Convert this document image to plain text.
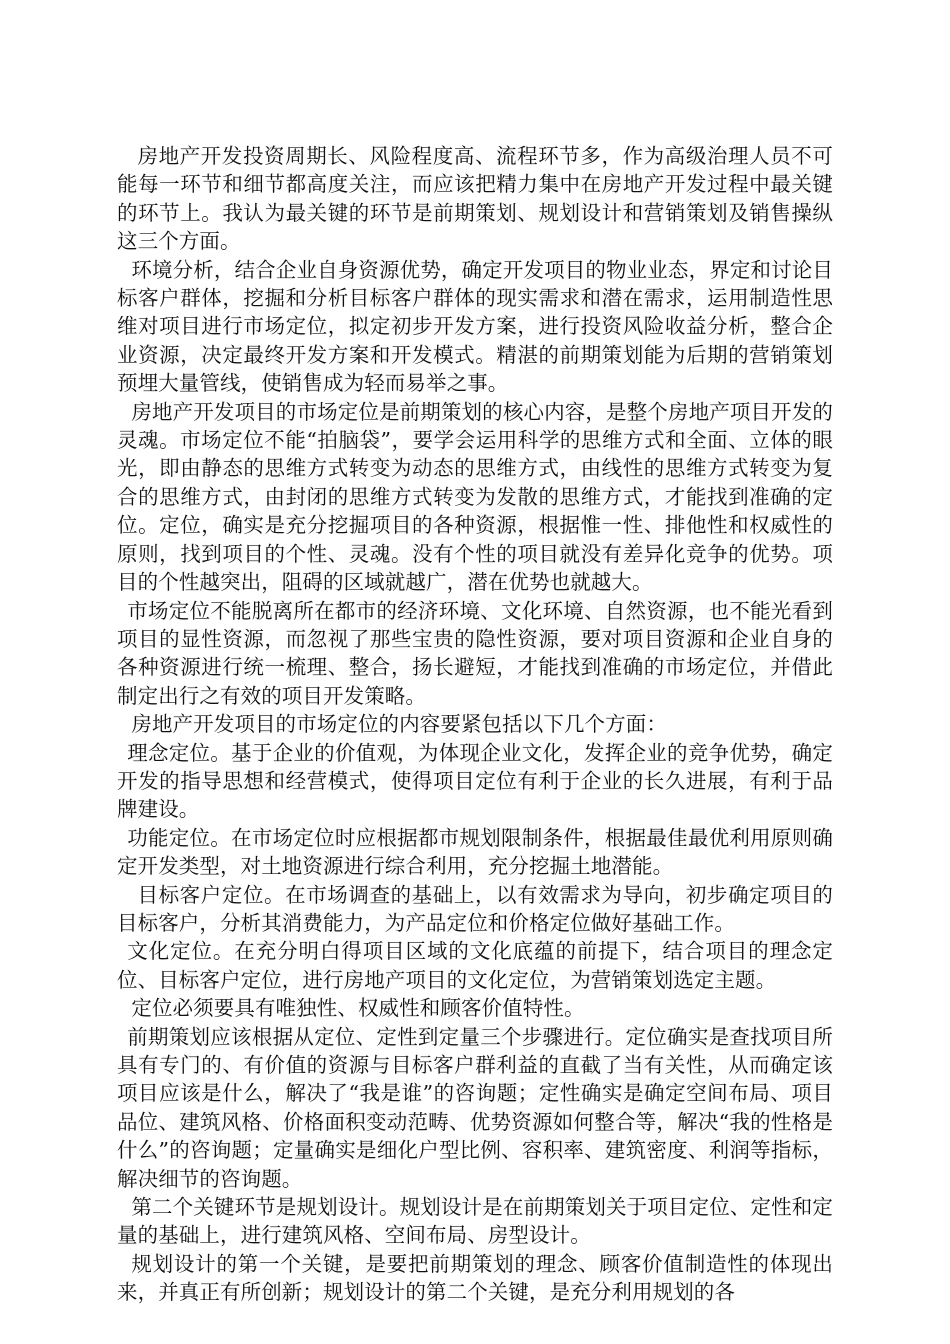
房地产开发投资周期长、风险程度高、流程环节多，作为高级治理人员不可能每一环节和细节都高度关注，而应该把精力集中在房地产开发过程中最关键的环节上。我认为最关键的环节是前期策划、规划设计和营销策划及销售操纵这三个方面。

环境分析，结合企业自身资源优势，确定开发项目的物业业态，界定和讨论目标客户群体，挖掘和分析目标客户群体的现实需求和潜在需求，运用制造性思维对项目进行市场定位，拟定初步开发方案，进行投资风险收益分析，整合企业资源，决定最终开发方案和开发模式。精湛的前期策划能为后期的营销策划预埋大量管线，使销售成为轻而易举之事。

房地产开发项目的市场定位是前期策划的核心内容，是整个房地产项目开发的灵魂。市场定位不能“拍脑袋”，要学会运用科学的思维方式和全面、立体的眼光，即由静态的思维方式转变为动态的思维方式，由线性的思维方式转变为复合的思维方式，由封闭的思维方式转变为发散的思维方式，才能找到准确的定位。定位，确实是充分挖掘项目的各种资源，根据惟一性、排他性和权威性的原则，找到项目的个性、灵魂。没有个性的项目就没有差异化竞争的优势。项目的个性越突出，阻碍的区域就越广，潜在优势也就越大。

市场定位不能脱离所在都市的经济环境、文化环境、自然资源，也不能光看到项目的显性资源，而忽视了那些宝贵的隐性资源，要对项目资源和企业自身的各种资源进行统一梳理、整合，扬长避短，才能找到准确的市场定位，并借此制定出行之有效的项目开发策略。

房地产开发项目的市场定位的内容要紧包括以下几个方面：

理念定位。基于企业的价值观，为体现企业文化，发挥企业的竞争优势，确定开发的指导思想和经营模式，使得项目定位有利于企业的长久进展，有利于品牌建设。

功能定位。在市场定位时应根据都市规划限制条件，根据最佳最优利用原则确定开发类型，对土地资源进行综合利用，充分挖掘土地潜能。

目标客户定位。在市场调查的基础上，以有效需求为导向，初步确定项目的目标客户，分析其消费能力，为产品定位和价格定位做好基础工作。

文化定位。在充分明白得项目区域的文化底蕴的前提下，结合项目的理念定位、目标客户定位，进行房地产项目的文化定位，为营销策划选定主题。

定位必须要具有唯独性、权威性和顾客价值特性。

前期策划应该根据从定位、定性到定量三个步骤进行。定位确实是查找项目所具有专门的、有价值的资源与目标客户群利益的直截了当有关性，从而确定该项目应该是什么，解决了“我是谁”的咨询题；定性确实是确定空间布局、项目品位、建筑风格、价格面积变动范畴、优势资源如何整合等，解决“我的性格是什么”的咨询题；定量确实是细化户型比例、容积率、建筑密度、利润等指标，解决细节的咨询题。

第二个关键环节是规划设计。规划设计是在前期策划关于项目定位、定性和定量的基础上，进行建筑风格、空间布局、房型设计。

规划设计的第一个关键，是要把前期策划的理念、顾客价值制造性的体现出来，并真正有所创新；规划设计的第二个关键，是充分利用规划的各
